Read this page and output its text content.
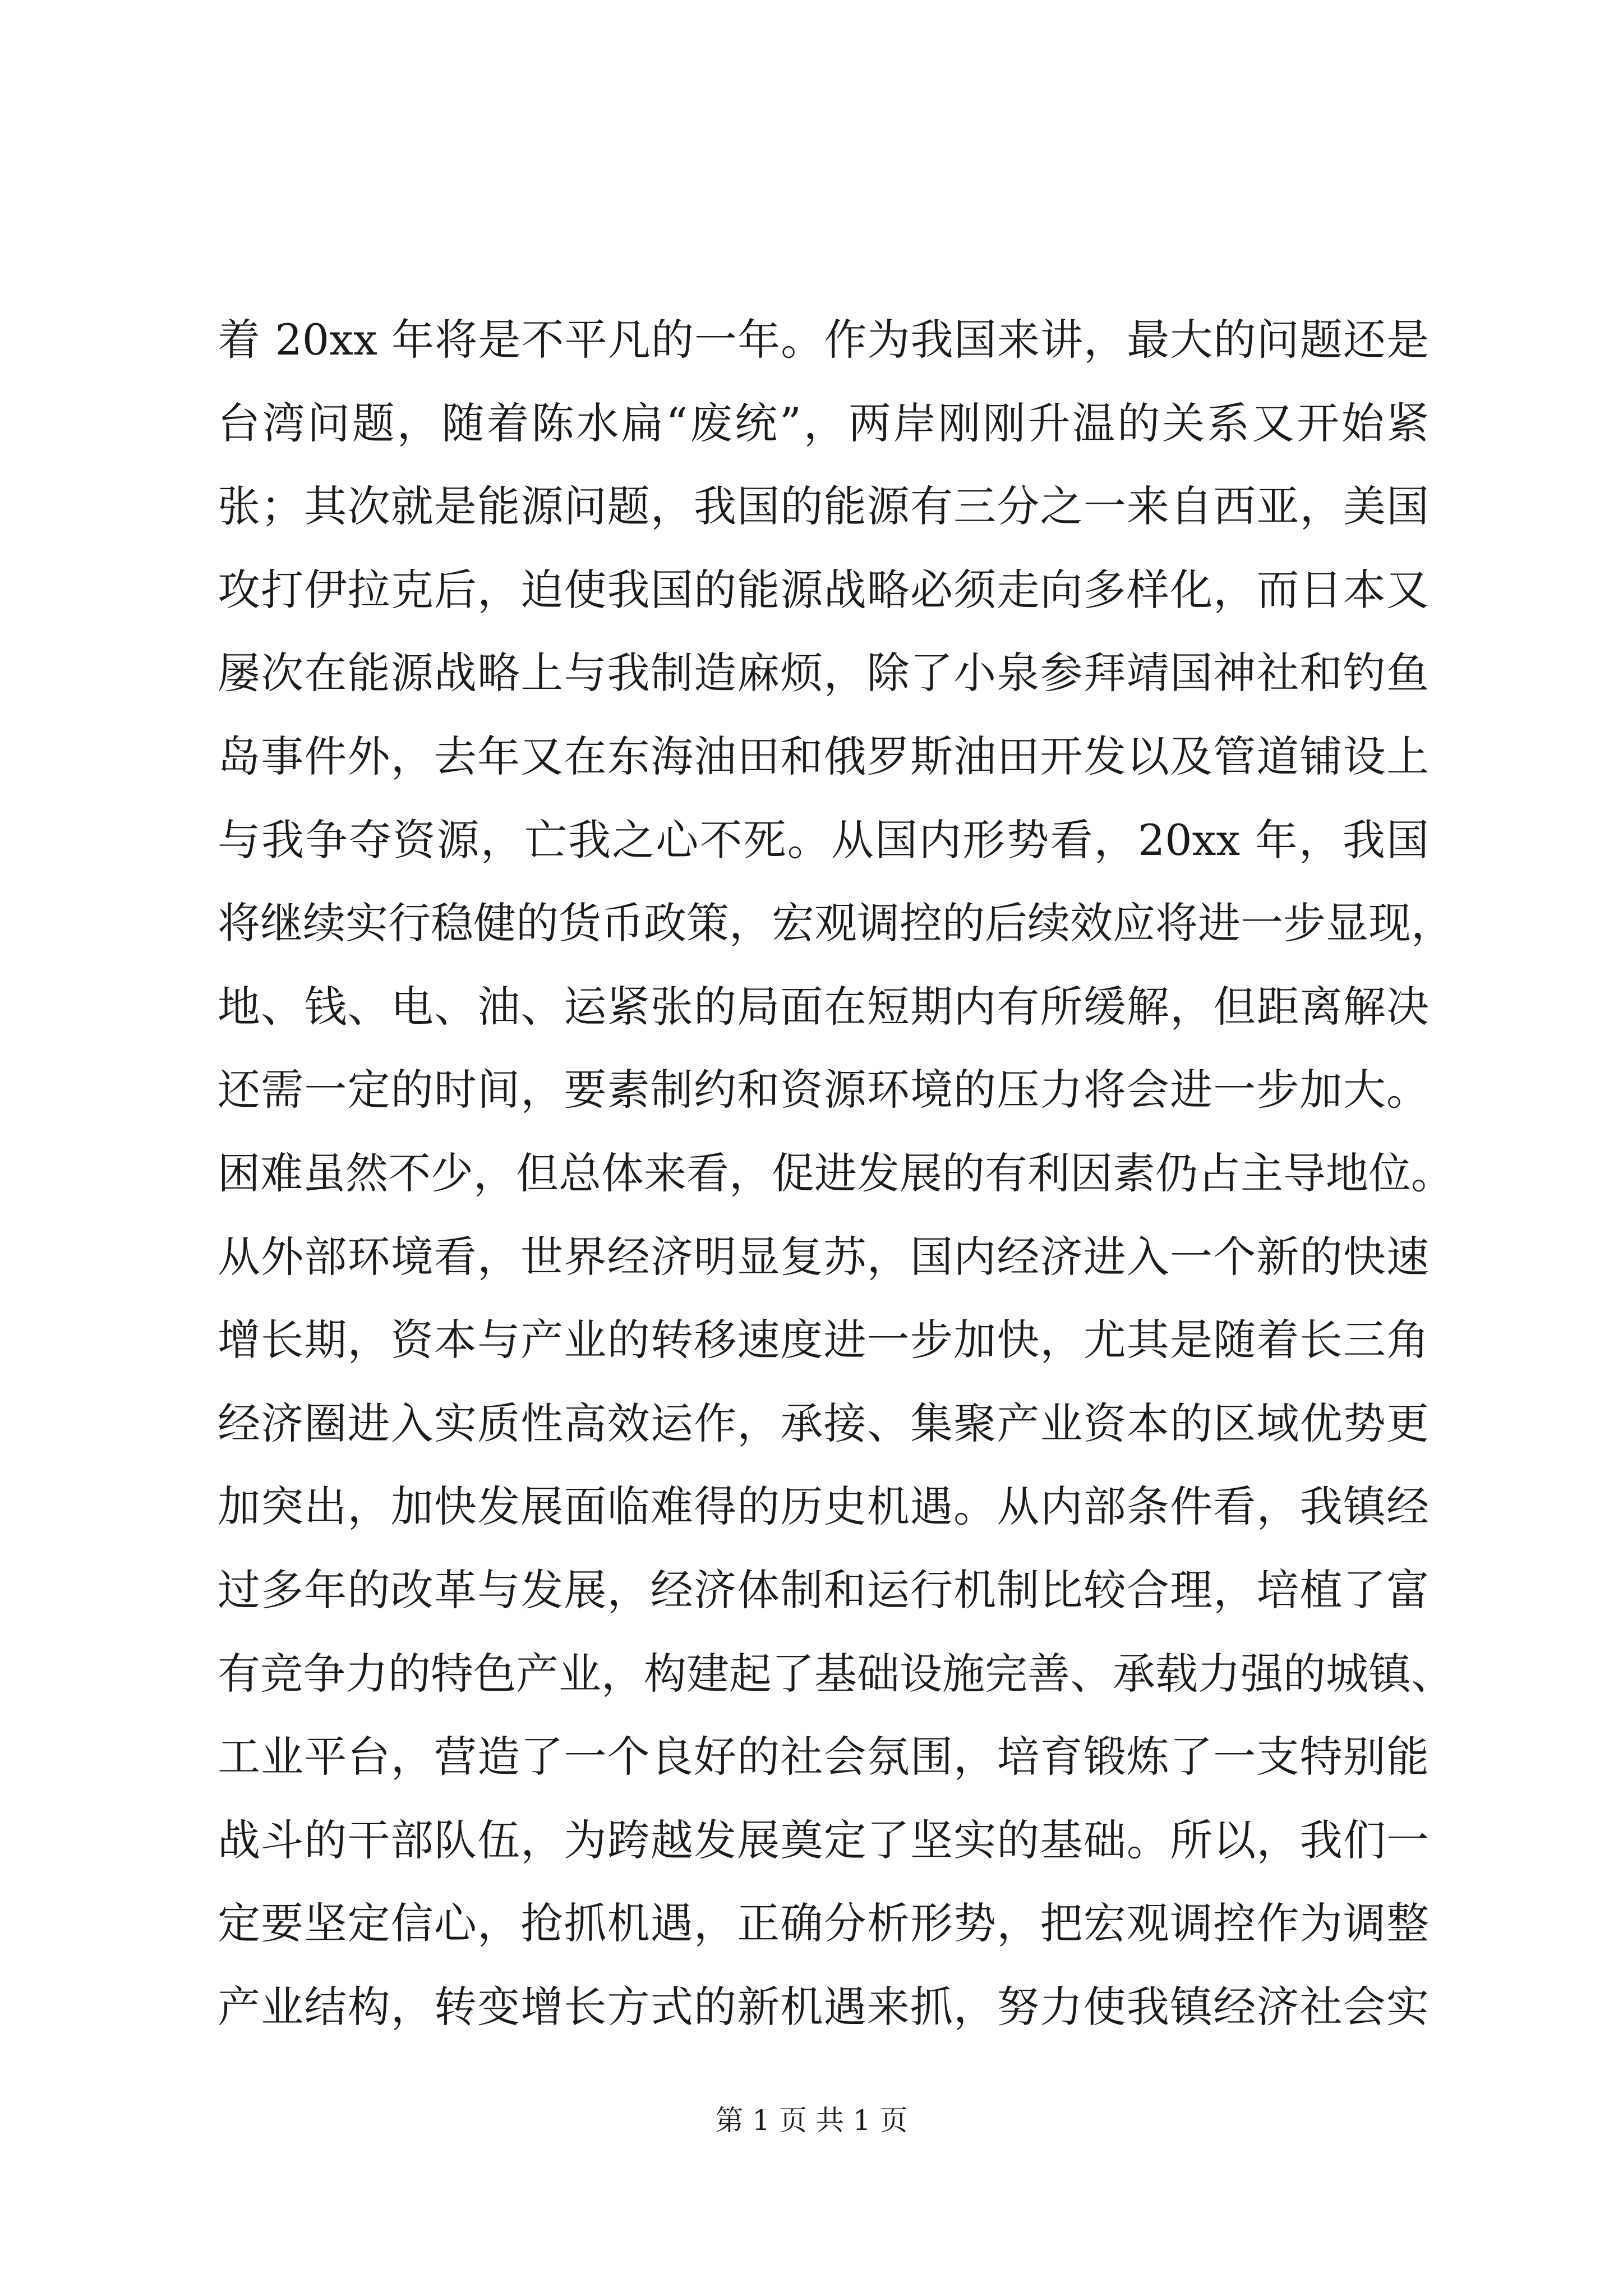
着 20xx 年将是不平凡的一年。作为我国来讲，最大的问题还是
台湾问题，随着陈水扁“废统”，两岸刚刚升温的关系又开始紧
张；其次就是能源问题，我国的能源有三分之一来自西亚，美国
攻打伊拉克后，迫使我国的能源战略必须走向多样化，而日本又
屡次在能源战略上与我制造麻烦，除了小泉参拜靖国神社和钓鱼
岛事件外，去年又在东海油田和俄罗斯油田开发以及管道铺设上
与我争夺资源，亡我之心不死。从国内形势看，20xx 年，我国
将继续实行稳健的货币政策，宏观调控的后续效应将进一步显现，
地、钱、电、油、运紧张的局面在短期内有所缓解，但距离解决
还需一定的时间，要素制约和资源环境的压力将会进一步加大。
困难虽然不少，但总体来看，促进发展的有利因素仍占主导地位。
从外部环境看，世界经济明显复苏，国内经济进入一个新的快速
增长期，资本与产业的转移速度进一步加快，尤其是随着长三角
经济圈进入实质性高效运作，承接、集聚产业资本的区域优势更
加突出，加快发展面临难得的历史机遇。从内部条件看，我镇经
过多年的改革与发展，经济体制和运行机制比较合理，培植了富
有竞争力的特色产业，构建起了基础设施完善、承载力强的城镇、
工业平台，营造了一个良好的社会氛围，培育锻炼了一支特别能
战斗的干部队伍，为跨越发展奠定了坚实的基础。所以，我们一
定要坚定信心，抢抓机遇，正确分析形势，把宏观调控作为调整
产业结构，转变增长方式的新机遇来抓，努力使我镇经济社会实
第 1 页 共 1 页
